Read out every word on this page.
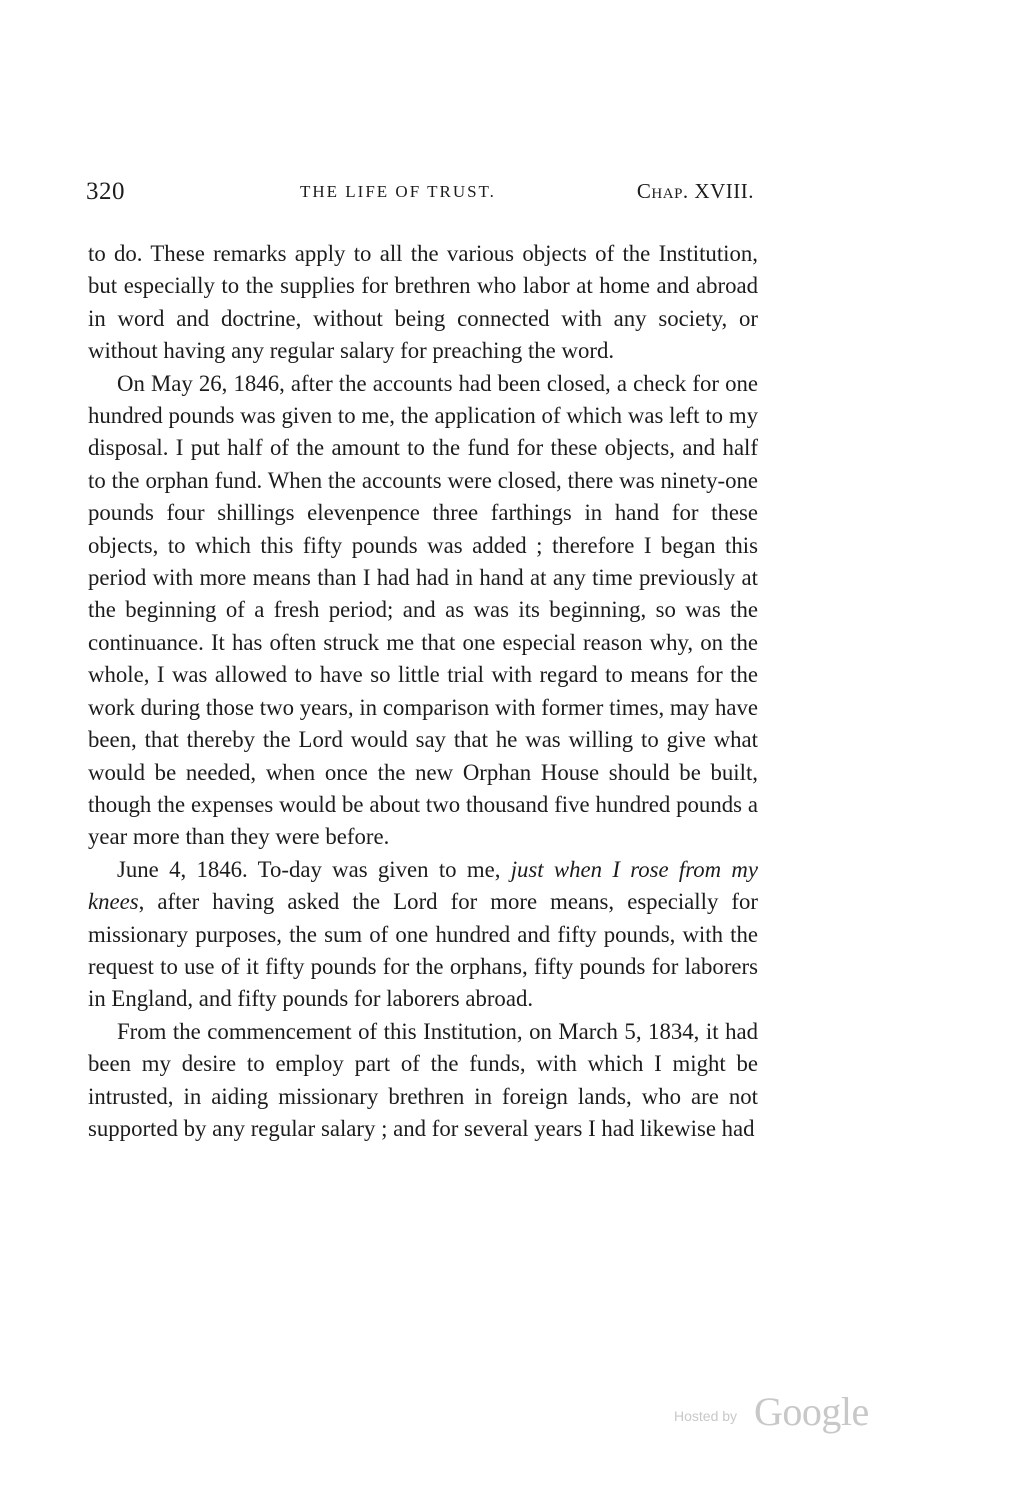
320	THE LIFE OF TRUST.	Chap. XVIII.

to do. These remarks apply to all the various objects of the Institution, but especially to the supplies for brethren who labor at home and abroad in word and doctrine, without being connected with any society, or without having any regular salary for preaching the word.

On May 26, 1846, after the accounts had been closed, a check for one hundred pounds was given to me, the application of which was left to my disposal. I put half of the amount to the fund for these objects, and half to the orphan fund. When the accounts were closed, there was ninety-one pounds four shillings elevenpence three farthings in hand for these objects, to which this fifty pounds was added ; therefore I began this period with more means than I had had in hand at any time previously at the beginning of a fresh period; and as was its beginning, so was the continuance. It has often struck me that one especial reason why, on the whole, I was allowed to have so little trial with regard to means for the work during those two years, in comparison with former times, may have been, that thereby the Lord would say that he was willing to give what would be needed, when once the new Orphan House should be built, though the expenses would be about two thousand five hundred pounds a year more than they were before.

June 4, 1846. To-day was given to me, just when I rose from my knees, after having asked the Lord for more means, especially for missionary purposes, the sum of one hundred and fifty pounds, with the request to use of it fifty pounds for the orphans, fifty pounds for laborers in England, and fifty pounds for laborers abroad.

From the commencement of this Institution, on March 5, 1834, it had been my desire to employ part of the funds, with which I might be intrusted, in aiding missionary brethren in foreign lands, who are not supported by any regular salary ; and for several years I had likewise had

Hosted by Google
